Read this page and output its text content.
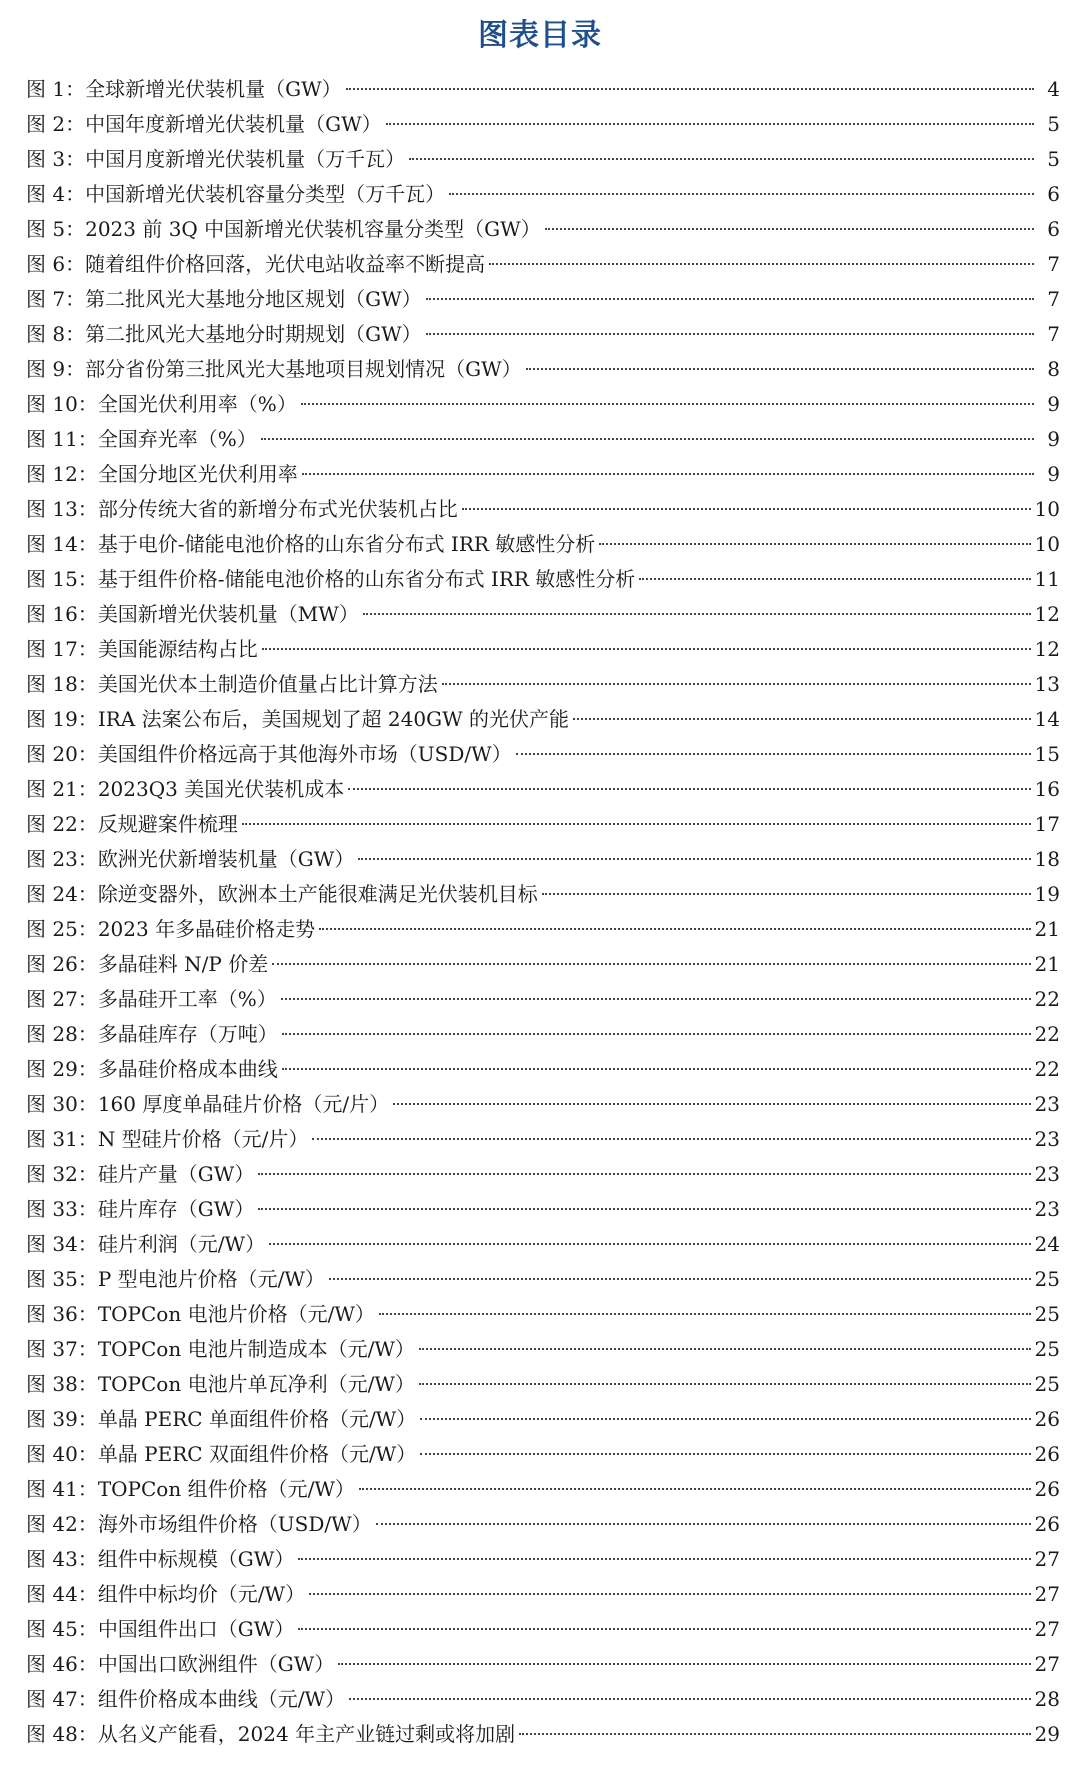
图表目录
图 1： 全球新增光伏装机量（GW）	4
图 2： 中国年度新增光伏装机量（GW）	5
图 3： 中国月度新增光伏装机量（万千瓦）	5
图 4： 中国新增光伏装机容量分类型（万千瓦）	6
图 5： 2023 前 3Q 中国新增光伏装机容量分类型（GW）	6
图 6： 随着组件价格回落，光伏电站收益率不断提高	7
图 7： 第二批风光大基地分地区规划（GW）	7
图 8： 第二批风光大基地分时期规划（GW）	7
图 9： 部分省份第三批风光大基地项目规划情况（GW）	8
图 10： 全国光伏利用率（%）	9
图 11： 全国弃光率（%）	9
图 12： 全国分地区光伏利用率	9
图 13： 部分传统大省的新增分布式光伏装机占比	10
图 14： 基于电价-储能电池价格的山东省分布式 IRR 敏感性分析	10
图 15： 基于组件价格-储能电池价格的山东省分布式 IRR 敏感性分析	11
图 16： 美国新增光伏装机量（MW）	12
图 17： 美国能源结构占比	12
图 18： 美国光伏本土制造价值量占比计算方法	13
图 19： IRA 法案公布后，美国规划了超 240GW 的光伏产能	14
图 20： 美国组件价格远高于其他海外市场（USD/W）	15
图 21： 2023Q3 美国光伏装机成本	16
图 22： 反规避案件梳理	17
图 23： 欧洲光伏新增装机量（GW）	18
图 24： 除逆变器外，欧洲本土产能很难满足光伏装机目标	19
图 25： 2023 年多晶硅价格走势	21
图 26： 多晶硅料 N/P 价差	21
图 27： 多晶硅开工率（%）	22
图 28： 多晶硅库存（万吨）	22
图 29： 多晶硅价格成本曲线	22
图 30： 160 厚度单晶硅片价格（元/片）	23
图 31： N 型硅片价格（元/片）	23
图 32： 硅片产量（GW）	23
图 33： 硅片库存（GW）	23
图 34： 硅片利润（元/W）	24
图 35： P 型电池片价格（元/W）	25
图 36： TOPCon 电池片价格（元/W）	25
图 37： TOPCon 电池片制造成本（元/W）	25
图 38： TOPCon 电池片单瓦净利（元/W）	25
图 39： 单晶 PERC 单面组件价格（元/W）	26
图 40： 单晶 PERC 双面组件价格（元/W）	26
图 41： TOPCon 组件价格（元/W）	26
图 42： 海外市场组件价格（USD/W）	26
图 43： 组件中标规模（GW）	27
图 44： 组件中标均价（元/W）	27
图 45： 中国组件出口（GW）	27
图 46： 中国出口欧洲组件（GW）	27
图 47： 组件价格成本曲线（元/W）	28
图 48： 从名义产能看，2024 年主产业链过剩或将加剧	29
